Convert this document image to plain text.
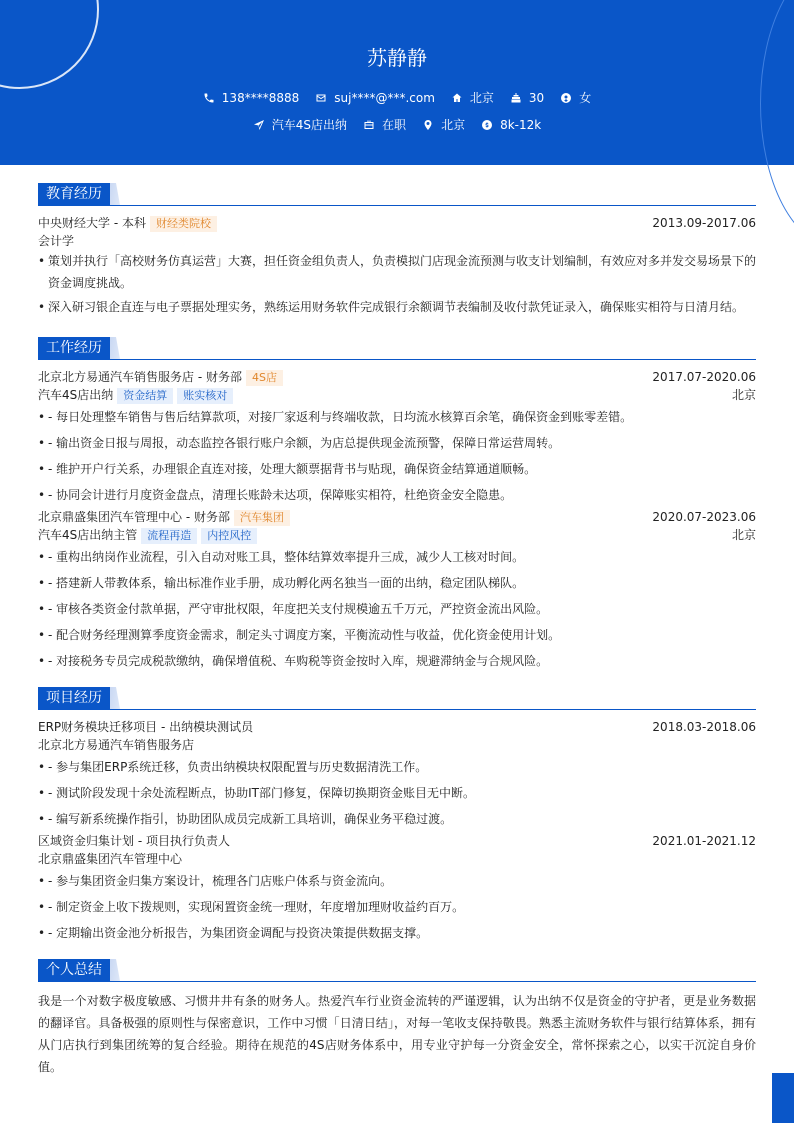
苏静静
138****8888	suj****@***.com	北京	30	女
汽车4S店出纳	在职	北京	8k-12k
教育经历
中央财经大学 - 本科 财经类院校	2013.09-2017.06
会计学
• 策划并执行「高校财务仿真运营」大赛，担任资金组负责人，负责模拟门店现金流预测与收支计划编制，有效应对多并发交易场景下的资金调度挑战。
• 深入研习银企直连与电子票据处理实务，熟练运用财务软件完成银行余额调节表编制及收付款凭证录入，确保账实相符与日清月结。
工作经历
北京北方易通汽车销售服务店 - 财务部 4S店	2017.07-2020.06
汽车4S店出纳 资金结算 账实核对	北京
• - 每日处理整车销售与售后结算款项，对接厂家返利与终端收款，日均流水核算百余笔，确保资金到账零差错。
• - 输出资金日报与周报，动态监控各银行账户余额，为店总提供现金流预警，保障日常运营周转。
• - 维护开户行关系，办理银企直连对接，处理大额票据背书与贴现，确保资金结算通道顺畅。
• - 协同会计进行月度资金盘点，清理长账龄未达项，保障账实相符，杜绝资金安全隐患。
北京鼎盛集团汽车管理中心 - 财务部 汽车集团	2020.07-2023.06
汽车4S店出纳主管 流程再造 内控风控	北京
• - 重构出纳岗作业流程，引入自动对账工具，整体结算效率提升三成，减少人工核对时间。
• - 搭建新人带教体系，输出标准作业手册，成功孵化两名独当一面的出纳，稳定团队梯队。
• - 审核各类资金付款单据，严守审批权限，年度把关支付规模逾五千万元，严控资金流出风险。
• - 配合财务经理测算季度资金需求，制定头寸调度方案，平衡流动性与收益，优化资金使用计划。
• - 对接税务专员完成税款缴纳，确保增值税、车购税等资金按时入库，规避滞纳金与合规风险。
项目经历
ERP财务模块迁移项目 - 出纳模块测试员	2018.03-2018.06
北京北方易通汽车销售服务店
• - 参与集团ERP系统迁移，负责出纳模块权限配置与历史数据清洗工作。
• - 测试阶段发现十余处流程断点，协助IT部门修复，保障切换期资金账目无中断。
• - 编写新系统操作指引，协助团队成员完成新工具培训，确保业务平稳过渡。
区域资金归集计划 - 项目执行负责人	2021.01-2021.12
北京鼎盛集团汽车管理中心
• - 参与集团资金归集方案设计，梳理各门店账户体系与资金流向。
• - 制定资金上收下拨规则，实现闲置资金统一理财，年度增加理财收益约百万。
• - 定期输出资金池分析报告，为集团资金调配与投资决策提供数据支撑。
个人总结
我是一个对数字极度敏感、习惯井井有条的财务人。热爱汽车行业资金流转的严谨逻辑，认为出纳不仅是资金的守护者，更是业务数据的翻译官。具备极强的原则性与保密意识，工作中习惯「日清日结」，对每一笔收支保持敬畏。熟悉主流财务软件与银行结算体系，拥有从门店执行到集团统筹的复合经验。期待在规范的4S店财务体系中，用专业守护每一分资金安全，常怀探索之心，以实干沉淀自身价值。
